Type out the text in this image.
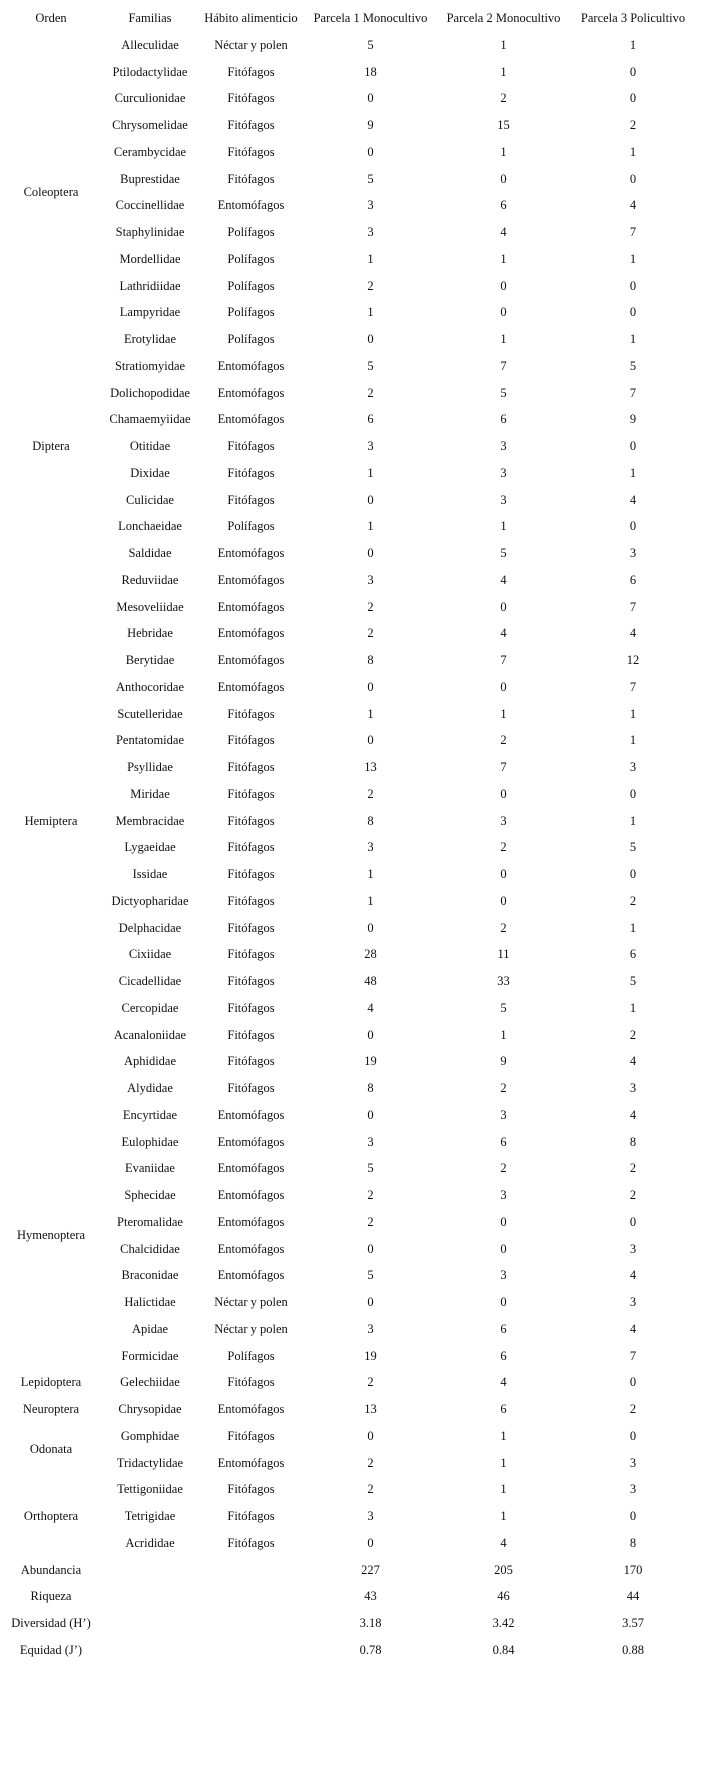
Orden	Familias	Hábito alimenticio	Parcela 1 Monocultivo	Parcela 2 Monocultivo	Parcela 3 Policultivo
Coleoptera	Alleculidae	Néctar y polen	5	1	1
	Ptilodactylidae	Fitófagos	18	1	0
	Curculionidae	Fitófagos	0	2	0
	Chrysomelidae	Fitófagos	9	15	2
	Cerambycidae	Fitófagos	0	1	1
	Buprestidae	Fitófagos	5	0	0
	Coccinellidae	Entomófagos	3	6	4
	Staphylinidae	Polífagos	3	4	7
	Mordellidae	Polífagos	1	1	1
	Lathridiidae	Polífagos	2	0	0
	Lampyridae	Polífagos	1	0	0
	Erotylidae	Polífagos	0	1	1
Diptera	Stratiomyidae	Entomófagos	5	7	5
	Dolichopodidae	Entomófagos	2	5	7
	Chamaemyiidae	Entomófagos	6	6	9
	Otitidae	Fitófagos	3	3	0
	Dixidae	Fitófagos	1	3	1
	Culicidae	Fitófagos	0	3	4
	Lonchaeidae	Polífagos	1	1	0
Hemiptera	Saldidae	Entomófagos	0	5	3
	Reduviidae	Entomófagos	3	4	6
	Mesoveliidae	Entomófagos	2	0	7
	Hebridae	Entomófagos	2	4	4
	Berytidae	Entomófagos	8	7	12
	Anthocoridae	Entomófagos	0	0	7
	Scutelleridae	Fitófagos	1	1	1
	Pentatomidae	Fitófagos	0	2	1
	Psyllidae	Fitófagos	13	7	3
	Miridae	Fitófagos	2	0	0
	Membracidae	Fitófagos	8	3	1
	Lygaeidae	Fitófagos	3	2	5
	Issidae	Fitófagos	1	0	0
	Dictyopharidae	Fitófagos	1	0	2
	Delphacidae	Fitófagos	0	2	1
	Cixiidae	Fitófagos	28	11	6
	Cicadellidae	Fitófagos	48	33	5
	Cercopidae	Fitófagos	4	5	1
	Acanaloniidae	Fitófagos	0	1	2
	Aphididae	Fitófagos	19	9	4
	Alydidae	Fitófagos	8	2	3
Hymenoptera	Encyrtidae	Entomófagos	0	3	4
	Eulophidae	Entomófagos	3	6	8
	Evaniidae	Entomófagos	5	2	2
	Sphecidae	Entomófagos	2	3	2
	Pteromalidae	Entomófagos	2	0	0
	Chalcididae	Entomófagos	0	0	3
	Braconidae	Entomófagos	5	3	4
	Halictidae	Néctar y polen	0	0	3
	Apidae	Néctar y polen	3	6	4
	Formicidae	Polífagos	19	6	7
Lepidoptera	Gelechiidae	Fitófagos	2	4	0
Neuroptera	Chrysopidae	Entomófagos	13	6	2
Odonata	Gomphidae	Fitófagos	0	1	0
	Tridactylidae	Entomófagos	2	1	3
Orthoptera	Tettigoniidae	Fitófagos	2	1	3
	Tetrigidae	Fitófagos	3	1	0
	Acrididae	Fitófagos	0	4	8
Abundancia			227	205	170
Riqueza			43	46	44
Diversidad (H’)			3.18	3.42	3.57
Equidad (J’)			0.78	0.84	0.88
